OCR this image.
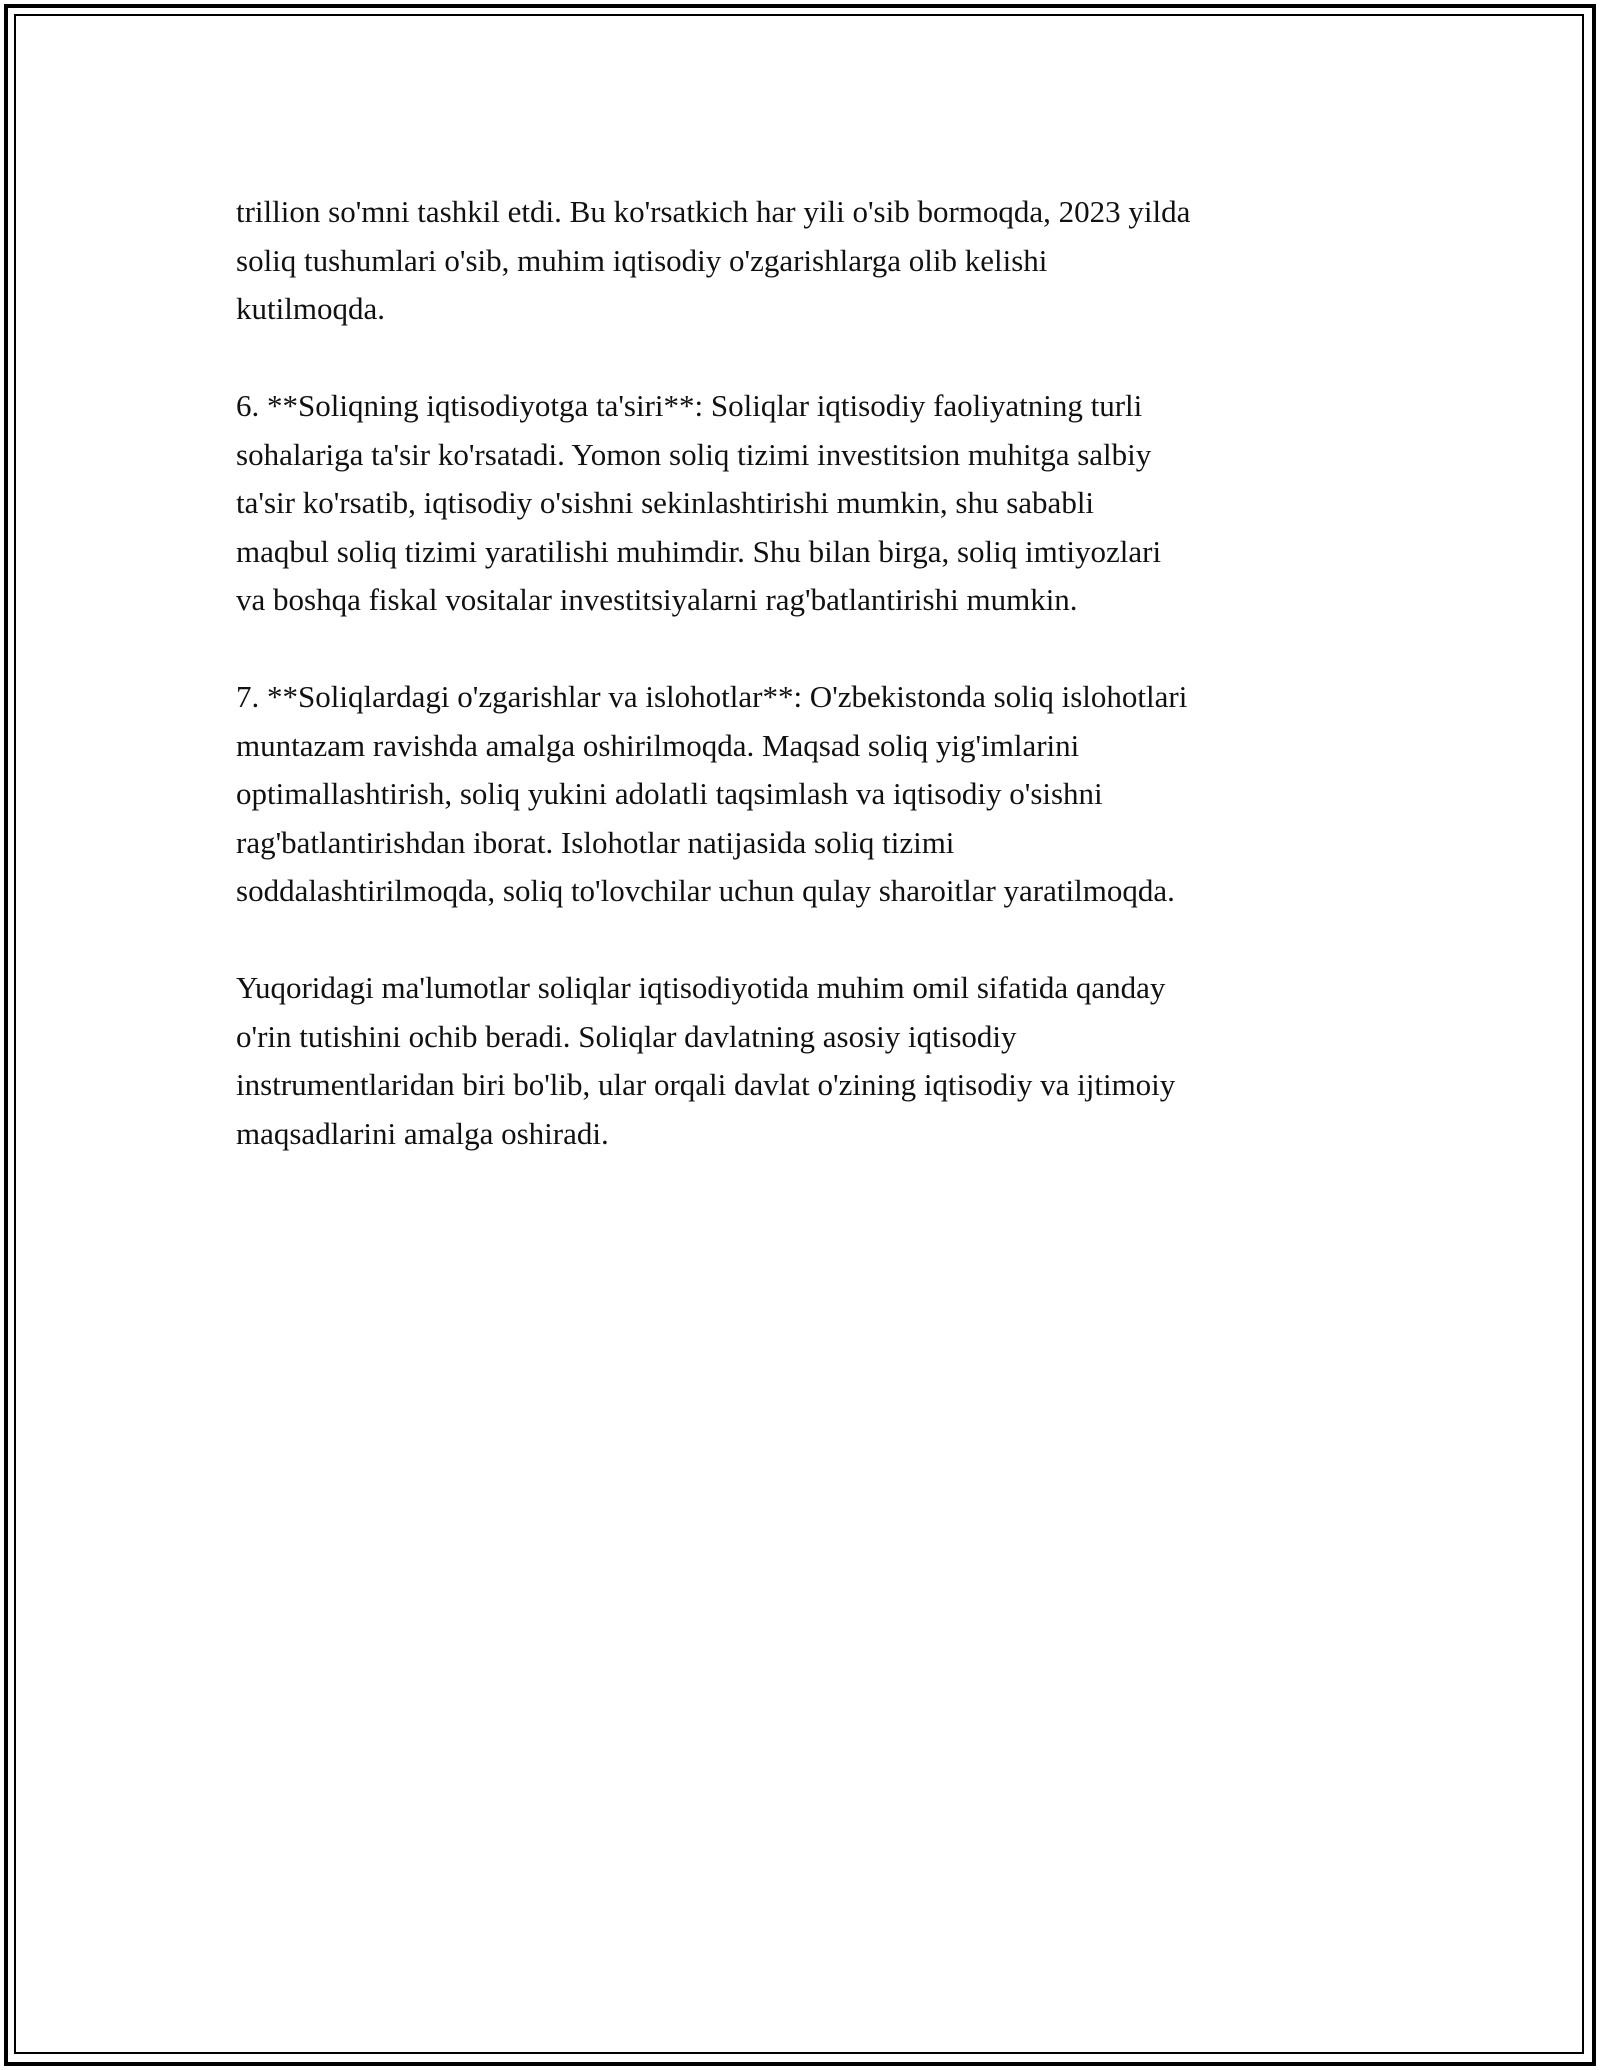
trillion so'mni tashkil etdi. Bu ko'rsatkich har yili o'sib bormoqda, 2023 yilda
soliq tushumlari o'sib, muhim iqtisodiy o'zgarishlarga olib kelishi
kutilmoqda.

6. **Soliqning iqtisodiyotga ta'siri**: Soliqlar iqtisodiy faoliyatning turli
sohalariga ta'sir ko'rsatadi. Yomon soliq tizimi investitsion muhitga salbiy
ta'sir ko'rsatib, iqtisodiy o'sishni sekinlashtirishi mumkin, shu sababli
maqbul soliq tizimi yaratilishi muhimdir. Shu bilan birga, soliq imtiyozlari
va boshqa fiskal vositalar investitsiyalarni rag'batlantirishi mumkin.

7. **Soliqlardagi o'zgarishlar va islohotlar**: O'zbekistonda soliq islohotlari
muntazam ravishda amalga oshirilmoqda. Maqsad soliq yig'imlarini
optimallashtirish, soliq yukini adolatli taqsimlash va iqtisodiy o'sishni
rag'batlantirishdan iborat. Islohotlar natijasida soliq tizimi
soddalashtirilmoqda, soliq to'lovchilar uchun qulay sharoitlar yaratilmoqda.

Yuqoridagi ma'lumotlar soliqlar iqtisodiyotida muhim omil sifatida qanday
o'rin tutishini ochib beradi. Soliqlar davlatning asosiy iqtisodiy
instrumentlaridan biri bo'lib, ular orqali davlat o'zining iqtisodiy va ijtimoiy
maqsadlarini amalga oshiradi.
